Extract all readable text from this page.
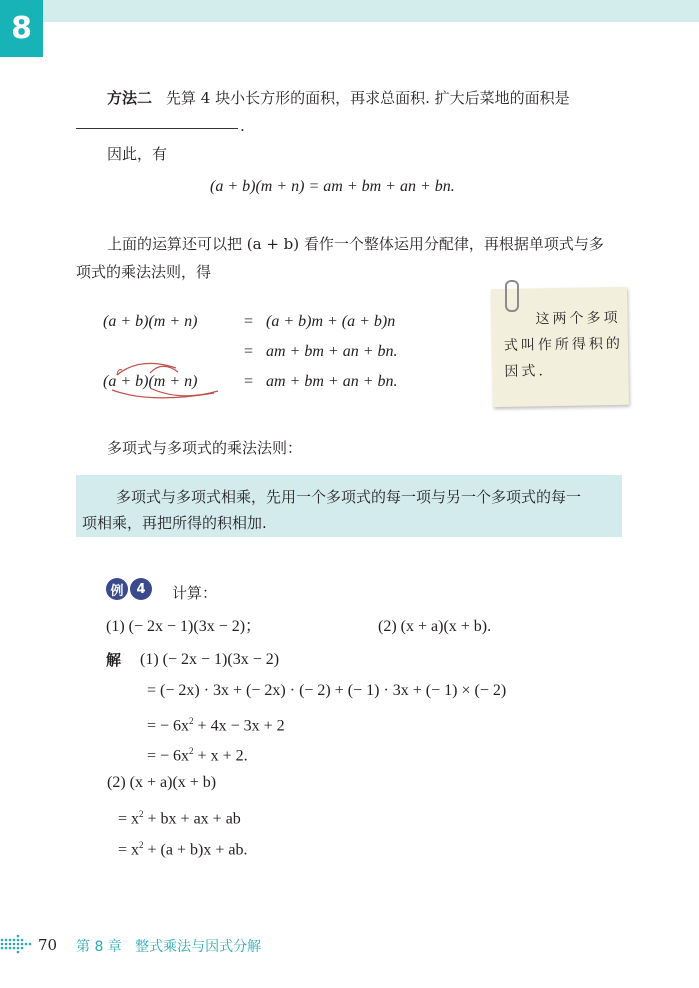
8
方法二 先算 4 块小长方形的面积，再求总面积. 扩大后菜地的面积是
.
因此，有
(a + b)(m + n) = am + bm + an + bn.
上面的运算还可以把 (a + b) 看作一个整体运用分配律，再根据单项式与多
项式的乘法法则，得
(a + b)(m + n)	= (a + b)m + (a + b)n
= am + bm + an + bn.
(a + b)(m + n)	= am + bm + an + bn.
这两个多项
式叫作所得积的
因式.
多项式与多项式的乘法法则：
多项式与多项式相乘，先用一个多项式的每一项与另一个多项式的每一
项相乘，再把所得的积相加.
例 4	计算：
(1) (− 2x − 1)(3x − 2)；	(2) (x + a)(x + b).
解 (1) (− 2x − 1)(3x − 2)
= (− 2x) · 3x + (− 2x) · (− 2) + (− 1) · 3x + (− 1) × (− 2)
= − $6x^2 + 4x - 3x + 2$
= − $6x^2 + x + 2$.
(2) (x + a)(x + b)
= $x^2$ + bx + ax + ab
= $x^2 + (a + b)x$ + ab.
70 第 8 章   整式乘法与因式分解
